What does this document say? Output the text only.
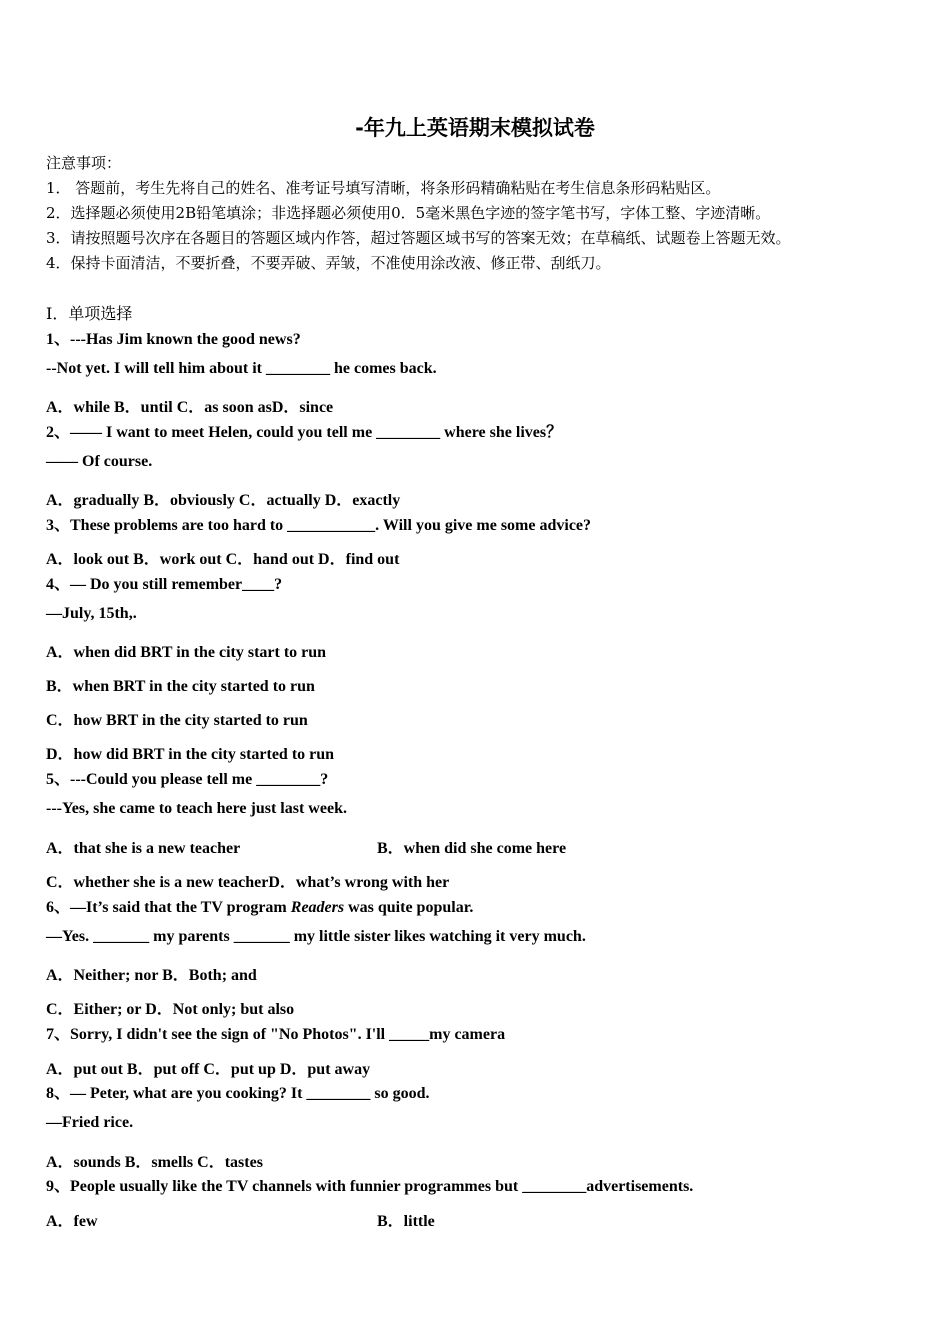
-年九上英语期末模拟试卷
注意事项：
1． 答题前，考生先将自己的姓名、准考证号填写清晰，将条形码精确粘贴在考生信息条形码粘贴区。
2．选择题必须使用2B铅笔填涂；非选择题必须使用0．5毫米黑色字迹的签字笔书写，字体工整、字迹清晰。
3．请按照题号次序在各题目的答题区域内作答，超过答题区域书写的答案无效；在草稿纸、试题卷上答题无效。
4．保持卡面清洁，不要折叠，不要弄破、弄皱，不准使用涂改液、修正带、刮纸刀。
Ⅰ．单项选择
1、---Has Jim known the good news?
--Not yet. I will tell him about it ________ he comes back.
A．while B．until C．as soon asD．since
2、—— I want to meet Helen, could you tell me ________ where she lives？
—— Of course.
A．gradually B．obviously C．actually D．exactly
3、These problems are too hard to ___________. Will you give me some advice?
A．look out B．work out C．hand out D．find out
4、— Do you still remember____?
—July, 15th,.
A．when did BRT in the city start to run
B．when BRT in the city started to run
C．how BRT in the city started to run
D．how did BRT in the city started to run
5、---Could you please tell me ________?
---Yes, she came to teach here just last week.
A．that she is a new teacher	B．when did she come here
C．whether she is a new teacherD．what’s wrong with her
6、—It’s said that the TV program Readers was quite popular.
—Yes. _______ my parents _______ my little sister likes watching it very much.
A．Neither; nor B．Both; and
C．Either; or D．Not only; but also
7、Sorry, I didn't see the sign of "No Photos". I'll _____my camera
A．put out B．put off C．put up D．put away
8、— Peter, what are you cooking? It ________ so good.
—Fried rice.
A．sounds B．smells C．tastes
9、People usually like the TV channels with funnier programmes but ________advertisements.
A．few	B．little
